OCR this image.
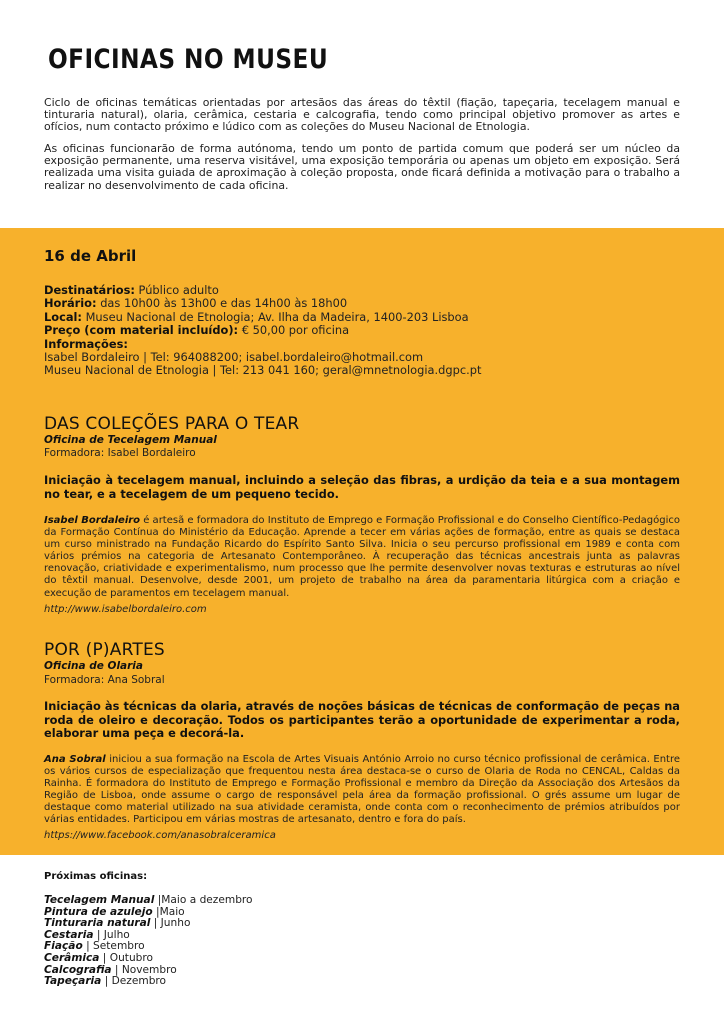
OFICINAS NO MUSEU
Ciclo de oficinas temáticas orientadas por artesãos das áreas do têxtil (fiação, tapeçaria, tecelagem manual e tinturaria natural), olaria, cerâmica, cestaria e calcografia, tendo como principal objetivo promover as artes e ofícios, num contacto próximo e lúdico com as coleções do Museu Nacional de Etnologia.
As oficinas funcionarão de forma autónoma, tendo um ponto de partida comum que poderá ser um núcleo da exposição permanente, uma reserva visitável, uma exposição temporária ou apenas um objeto em exposição. Será realizada uma visita guiada de aproximação à coleção proposta, onde ficará definida a motivação para o trabalho a realizar no desenvolvimento de cada oficina.
16 de Abril
Destinatários: Público adulto
Horário: das 10h00 às 13h00 e das 14h00 às 18h00
Local: Museu Nacional de Etnologia; Av. Ilha da Madeira, 1400-203 Lisboa
Preço (com material incluído): € 50,00 por oficina
Informações:
Isabel Bordaleiro | Tel: 964088200; isabel.bordaleiro@hotmail.com
Museu Nacional de Etnologia | Tel: 213 041 160; geral@mnetnologia.dgpc.pt
DAS COLEÇÕES PARA O TEAR
Oficina de Tecelagem Manual
Formadora: Isabel Bordaleiro
Iniciação à tecelagem manual, incluindo a seleção das fibras, a urdição da teia e a sua montagem no tear, e a tecelagem de um pequeno tecido.
Isabel Bordaleiro é artesã e formadora do Instituto de Emprego e Formação Profissional e do Conselho Científico-Pedagógico da Formação Contínua do Ministério da Educação. Aprende a tecer em várias ações de formação, entre as quais se destaca um curso ministrado na Fundação Ricardo do Espírito Santo Silva. Inicia o seu percurso profissional em 1989 e conta com vários prémios na categoria de Artesanato Contemporâneo. À recuperação das técnicas ancestrais junta as palavras renovação, criatividade e experimentalismo, num processo que lhe permite desenvolver novas texturas e estruturas ao nível do têxtil manual. Desenvolve, desde 2001, um projeto de trabalho na área da paramentaria litúrgica com a criação e execução de paramentos em tecelagem manual.
http://www.isabelbordaleiro.com
POR (P)ARTES
Oficina de Olaria
Formadora: Ana Sobral
Iniciação às técnicas da olaria, através de noções básicas de técnicas de conformação de peças na roda de oleiro e decoração. Todos os participantes terão a oportunidade de experimentar a roda, elaborar uma peça e decorá-la.
Ana Sobral iniciou a sua formação na Escola de Artes Visuais António Arroio no curso técnico profissional de cerâmica. Entre os vários cursos de especialização que frequentou nesta área destaca-se o curso de Olaria de Roda no CENCAL, Caldas da Rainha. É formadora do Instituto de Emprego e Formação Profissional e membro da Direção da Associação dos Artesãos da Região de Lisboa, onde assume o cargo de responsável pela área da formação profissional. O grés assume um lugar de destaque como material utilizado na sua atividade ceramista, onde conta com o reconhecimento de prémios atribuídos por várias entidades. Participou em várias mostras de artesanato, dentro e fora do país.
https://www.facebook.com/anasobralceramica
Próximas oficinas:
Tecelagem Manual |Maio a dezembro
Pintura de azulejo |Maio
Tinturaria natural | Junho
Cestaria | Julho
Fiação | Setembro
Cerâmica | Outubro
Calcografia | Novembro
Tapeçaria | Dezembro
